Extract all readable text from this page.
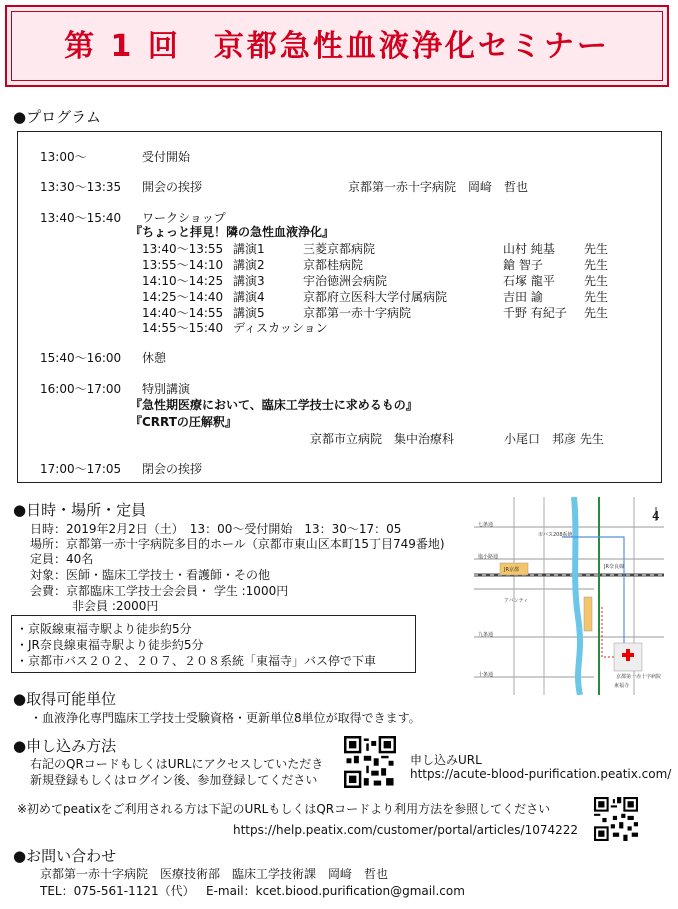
第 1 回　京都急性血液浄化セミナー
●プログラム
13:00〜	受付開始
13:30〜13:35 開会の挨拶	京都第一赤十字病院　岡﨑　哲也
13:40〜15:40 ワークショップ
『ちょっと拝見！隣の急性血液浄化』
13:40〜13:55 講演1	三菱京都病院	山村 純基 先生
13:55〜14:10 講演2	京都桂病院	鎗 智子	先生
14:10〜14:25 講演3	宇治徳洲会病院	石塚 龍平 先生
14:25〜14:40 講演4	京都府立医科大学付属病院	吉田 諭	先生
14:40〜14:55 講演5	京都第一赤十字病院	千野 有紀子 先生
14:55〜15:40 ディスカッション
15:40〜16:00 休憩
16:00〜17:00 特別講演
『急性期医療において、臨床工学技士に求めるもの』
『CRRTの圧解釈』
京都市立病院　集中治療科	小尾口　邦彦 先生
17:00〜17:05 閉会の挨拶
●日時・場所・定員
日時：2019年2月2日（土）　13：00〜受付開始　13：30〜17：05
場所：京都第一赤十字病院多目的ホール（京都市東山区本町15丁目749番地)
定員：40名
対象：医師・臨床工学技士・看護師・その他
会費：京都臨床工学技士会会員・ 学生 :1000円
非会員 :2000円
・京阪線東福寺駅より徒歩約5分
・JR奈良線東福寺駅より徒歩約5分
・京都市バス２０２、２０７、２０８系統「東福寺」バス停で下車
七条通
塩小路通
JR京都
アバンティ
九条通
十条通
JR奈良線
京都第一赤十字病院
東福寺
市バス208系統
4
●取得可能単位
・血液浄化専門臨床工学技士受験資格・更新単位8単位が取得できます。
●申し込み方法
右記のQRコードもしくはURLにアクセスしていただき
新規登録もしくはログイン後、参加登録してください
申し込みURL
https://acute-blood-purification.peatix.com/
※初めてpeatixをご利用される方は下記のURLもしくはQRコードより利用方法を参照してください
https://help.peatix.com/customer/portal/articles/1074222
●お問い合わせ
京都第一赤十字病院　医療技術部　臨床工学技術課　岡﨑　哲也
TEL：075-561-1121（代） E-mail：kcet.biood.purification@gmail.com
